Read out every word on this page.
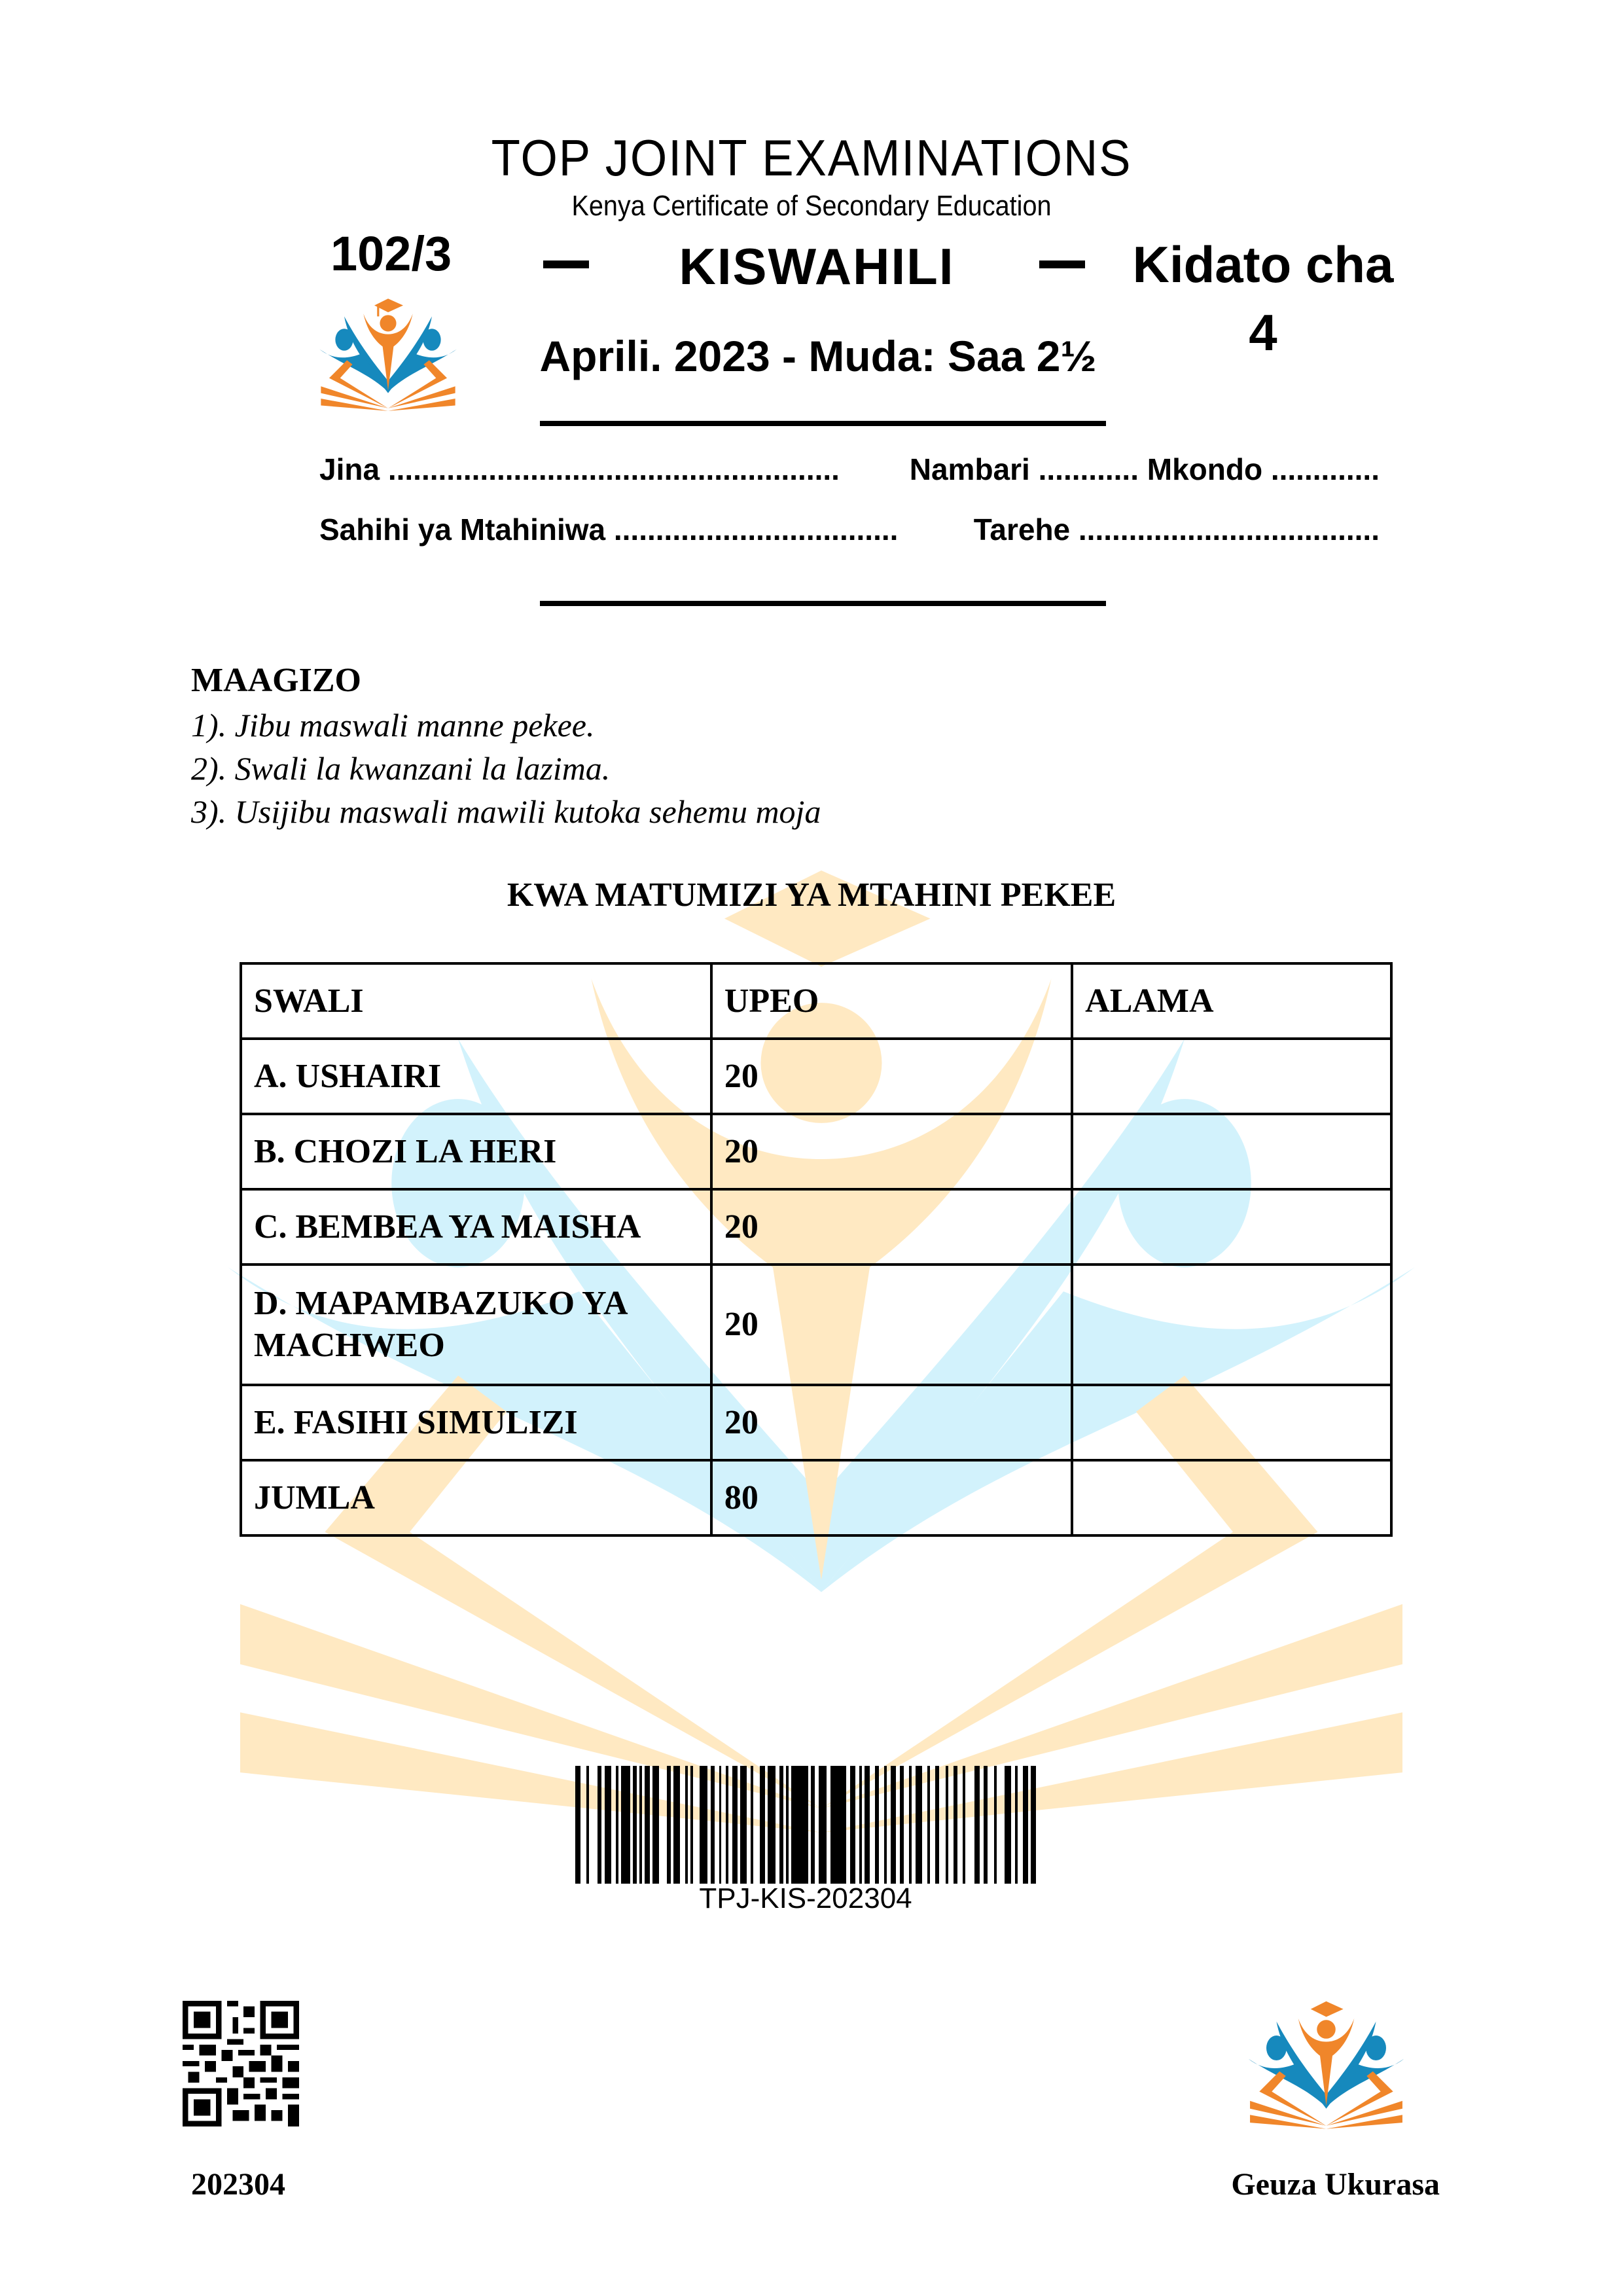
TOP JOINT EXAMINATIONS
Kenya Certificate of Secondary Education
102/3	KISWAHILI	Kidato cha
4
Aprili. 2023 - Muda: Saa 2½
Jina ...................................................... Nambari ............ Mkondo .............
Sahihi ya Mtahiniwa ..................................	Tarehe ....................................
MAAGIZO
1). Jibu maswali manne pekee.
2). Swali la kwanzani la lazima.
3). Usijibu maswali mawili kutoka sehemu moja
KWA MATUMIZI YA MTAHINI PEKEE
SWALI	UPEO	ALAMA
A. USHAIRI	20	
B. CHOZI LA HERI	20	
C. BEMBEA YA MAISHA	20	
D. MAPAMBAZUKO YA MACHWEO	20	
E. FASIHI SIMULIZI	20	
JUMLA	80	
TPJ-KIS-202304
202304	Geuza Ukurasa
